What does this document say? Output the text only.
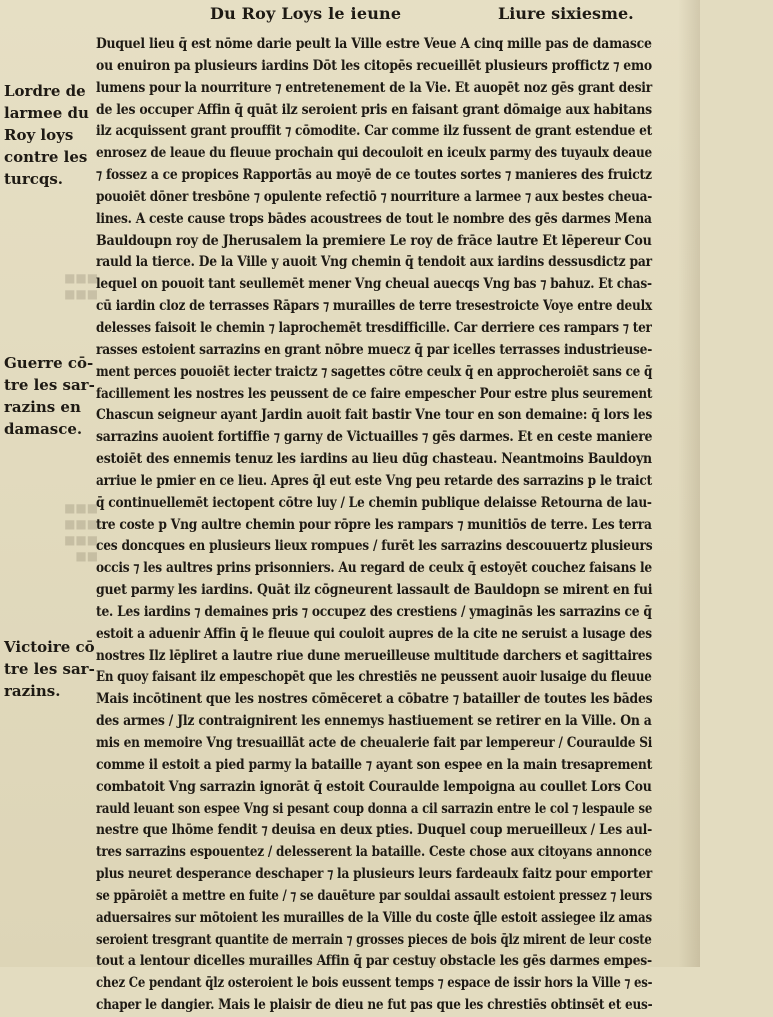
Du Roy Loys le ieune	Liure sixiesme.
■■■
■■■
■■■
■■■
■■■
■■
Lordre de
larmee du
Roy loys
contre les
turcqs.
Guerre cō-
tre les sar-
razins en
damasce.
Victoire cō
tre les sar-
razins.
Duquel lieu q̄ est nōme darie peult la Ville estre Veue A cinq mille pas de damasce
ou enuiron pa plusieurs iardins Dōt les citopēs recueillēt plusieurs proffictz ⁊ emo
lumens pour la nourriture ⁊ entretenement de la Vie. Et auopēt noz gēs grant desir
de les occuper Affin q̄ quāt ilz seroient pris en faisant grant dōmaige aux habitans
ilz acquissent grant prouffit ⁊ cōmodite. Car comme ilz fussent de grant estendue et
enrosez de leaue du fleuue prochain qui decouloit en iceulx parmy des tuyaulx deaue
⁊ fossez a ce propices Rapportās au moyē de ce toutes sortes ⁊ manieres des fruictz
pouoiēt dōner tresbōne ⁊ opulente refectiō ⁊ nourriture a larmee ⁊ aux bestes cheua-
lines. A ceste cause trops bādes acoustrees de tout le nombre des gēs darmes Mena
Bauldoupn roy de Jherusalem la premiere Le roy de frāce lautre Et lēpereur Cou
rauld la tierce. De la Ville y auoit Vng chemin q̄ tendoit aux iardins dessusdictz par
lequel on pouoit tant seullemēt mener Vng cheual auecqs Vng bas ⁊ bahuz. Et chas-
cū iardin cloz de terrasses Rāpars ⁊ murailles de terre tresestroicte Voye entre deulx
delesses faisoit le chemin ⁊ laprochemēt tresdifficille. Car derriere ces rampars ⁊ ter
rasses estoient sarrazins en grant nōbre muecz q̄ par icelles terrasses industrieuse-
ment perces pouoiēt iecter traictz ⁊ sagettes cōtre ceulx q̄ en approcheroiēt sans ce q̄
facillement les nostres les peussent de ce faire empescher Pour estre plus seurement
Chascun seigneur ayant Jardin auoit fait bastir Vne tour en son demaine: q̄ lors les
sarrazins auoient fortiffie ⁊ garny de Victuailles ⁊ gēs darmes. Et en ceste maniere
estoiēt des ennemis tenuz les iardins au lieu dūg chasteau. Neantmoins Bauldoyn
arriue le pmier en ce lieu. Apres q̄l eut este Vng peu retarde des sarrazins p le traict
q̄ continuellemēt iectopent cōtre luy / Le chemin publique delaisse Retourna de lau-
tre coste p Vng aultre chemin pour rōpre les rampars ⁊ munitiōs de terre. Les terra
ces doncques en plusieurs lieux rompues / furēt les sarrazins descouuertz plusieurs
occis ⁊ les aultres prins prisonniers. Au regard de ceulx q̄ estoyēt couchez faisans le
guet parmy les iardins. Quāt ilz cōgneurent lassault de Bauldopn se mirent en fui
te. Les iardins ⁊ demaines pris ⁊ occupez des crestiens / ymaginās les sarrazins ce q̄
estoit a aduenir Affin q̄ le fleuue qui couloit aupres de la cite ne seruist a lusage des
nostres Ilz lēpliret a lautre riue dune merueilleuse multitude darchers et sagittaires
En quoy faisant ilz empeschopēt que les chrestiēs ne peussent auoir lusaige du fleuue
Mais incōtinent que les nostres cōmēceret a cōbatre ⁊ batailler de toutes les bādes
des armes / Jlz contraignirent les ennemys hastiuement se retirer en la Ville. On a
mis en memoire Vng tresuaillāt acte de cheualerie fait par lempereur / Couraulde Si
comme il estoit a pied parmy la bataille ⁊ ayant son espee en la main tresaprement
combatoit Vng sarrazin ignorāt q̄ estoit Couraulde lempoigna au coullet Lors Cou
rauld leuant son espee Vng si pesant coup donna a cil sarrazin entre le col ⁊ lespaule se
nestre que lhōme fendit ⁊ deuisa en deux pties. Duquel coup merueilleux / Les aul-
tres sarrazins espouentez / delesserent la bataille. Ceste chose aux citoyans annonce
plus neuret desperance deschaper ⁊ la plusieurs leurs fardeaulx faitz pour emporter
se ppāroiēt a mettre en fuite / ⁊ se dauēture par souldai assault estoient pressez ⁊ leurs
aduersaires sur mōtoient les murailles de la Ville du coste q̄lle estoit assiegee ilz amas
seroient tresgrant quantite de merrain ⁊ grosses pieces de bois q̄lz mirent de leur coste
tout a lentour dicelles murailles Affin q̄ par cestuy obstacle les gēs darmes empes-
chez Ce pendant q̄lz osteroient le bois eussent temps ⁊ espace de issir hors la Ville ⁊ es-
chaper le dangier. Mais le plaisir de dieu ne fut pas que les chrestiēs obtinsēt et eus-
